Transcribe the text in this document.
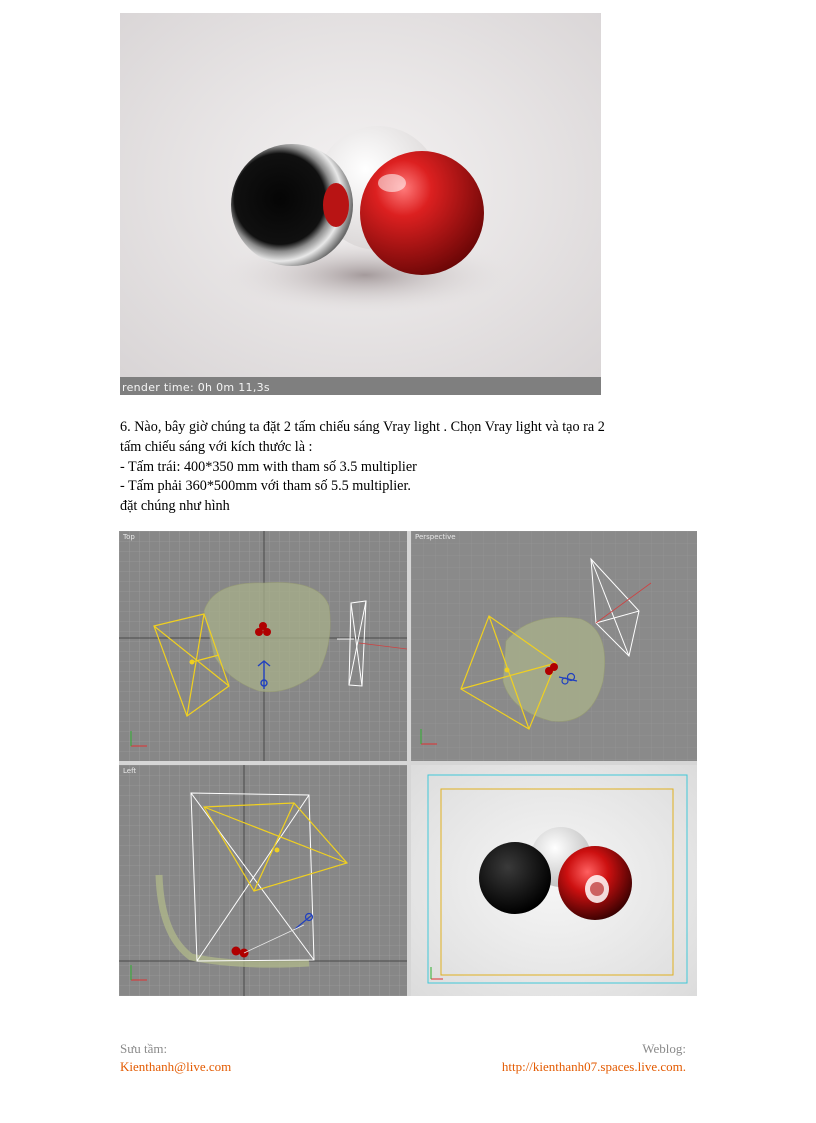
render time: 0h 0m 11,3s

6. Nào, bây giờ chúng ta đặt 2 tấm chiếu sáng Vray light . Chọn Vray light và tạo ra 2

tấm chiếu sáng với kích thước là :

- Tấm trái: 400*350 mm with tham số 3.5 multiplier

- Tấm phải 360*500mm với tham số 5.5 multiplier.

đặt chúng như hình

Top	Perspective
Left
Sưu tầm:
Kienthanh@live.com
Weblog:
http://kienthanh07.spaces.live.com.
